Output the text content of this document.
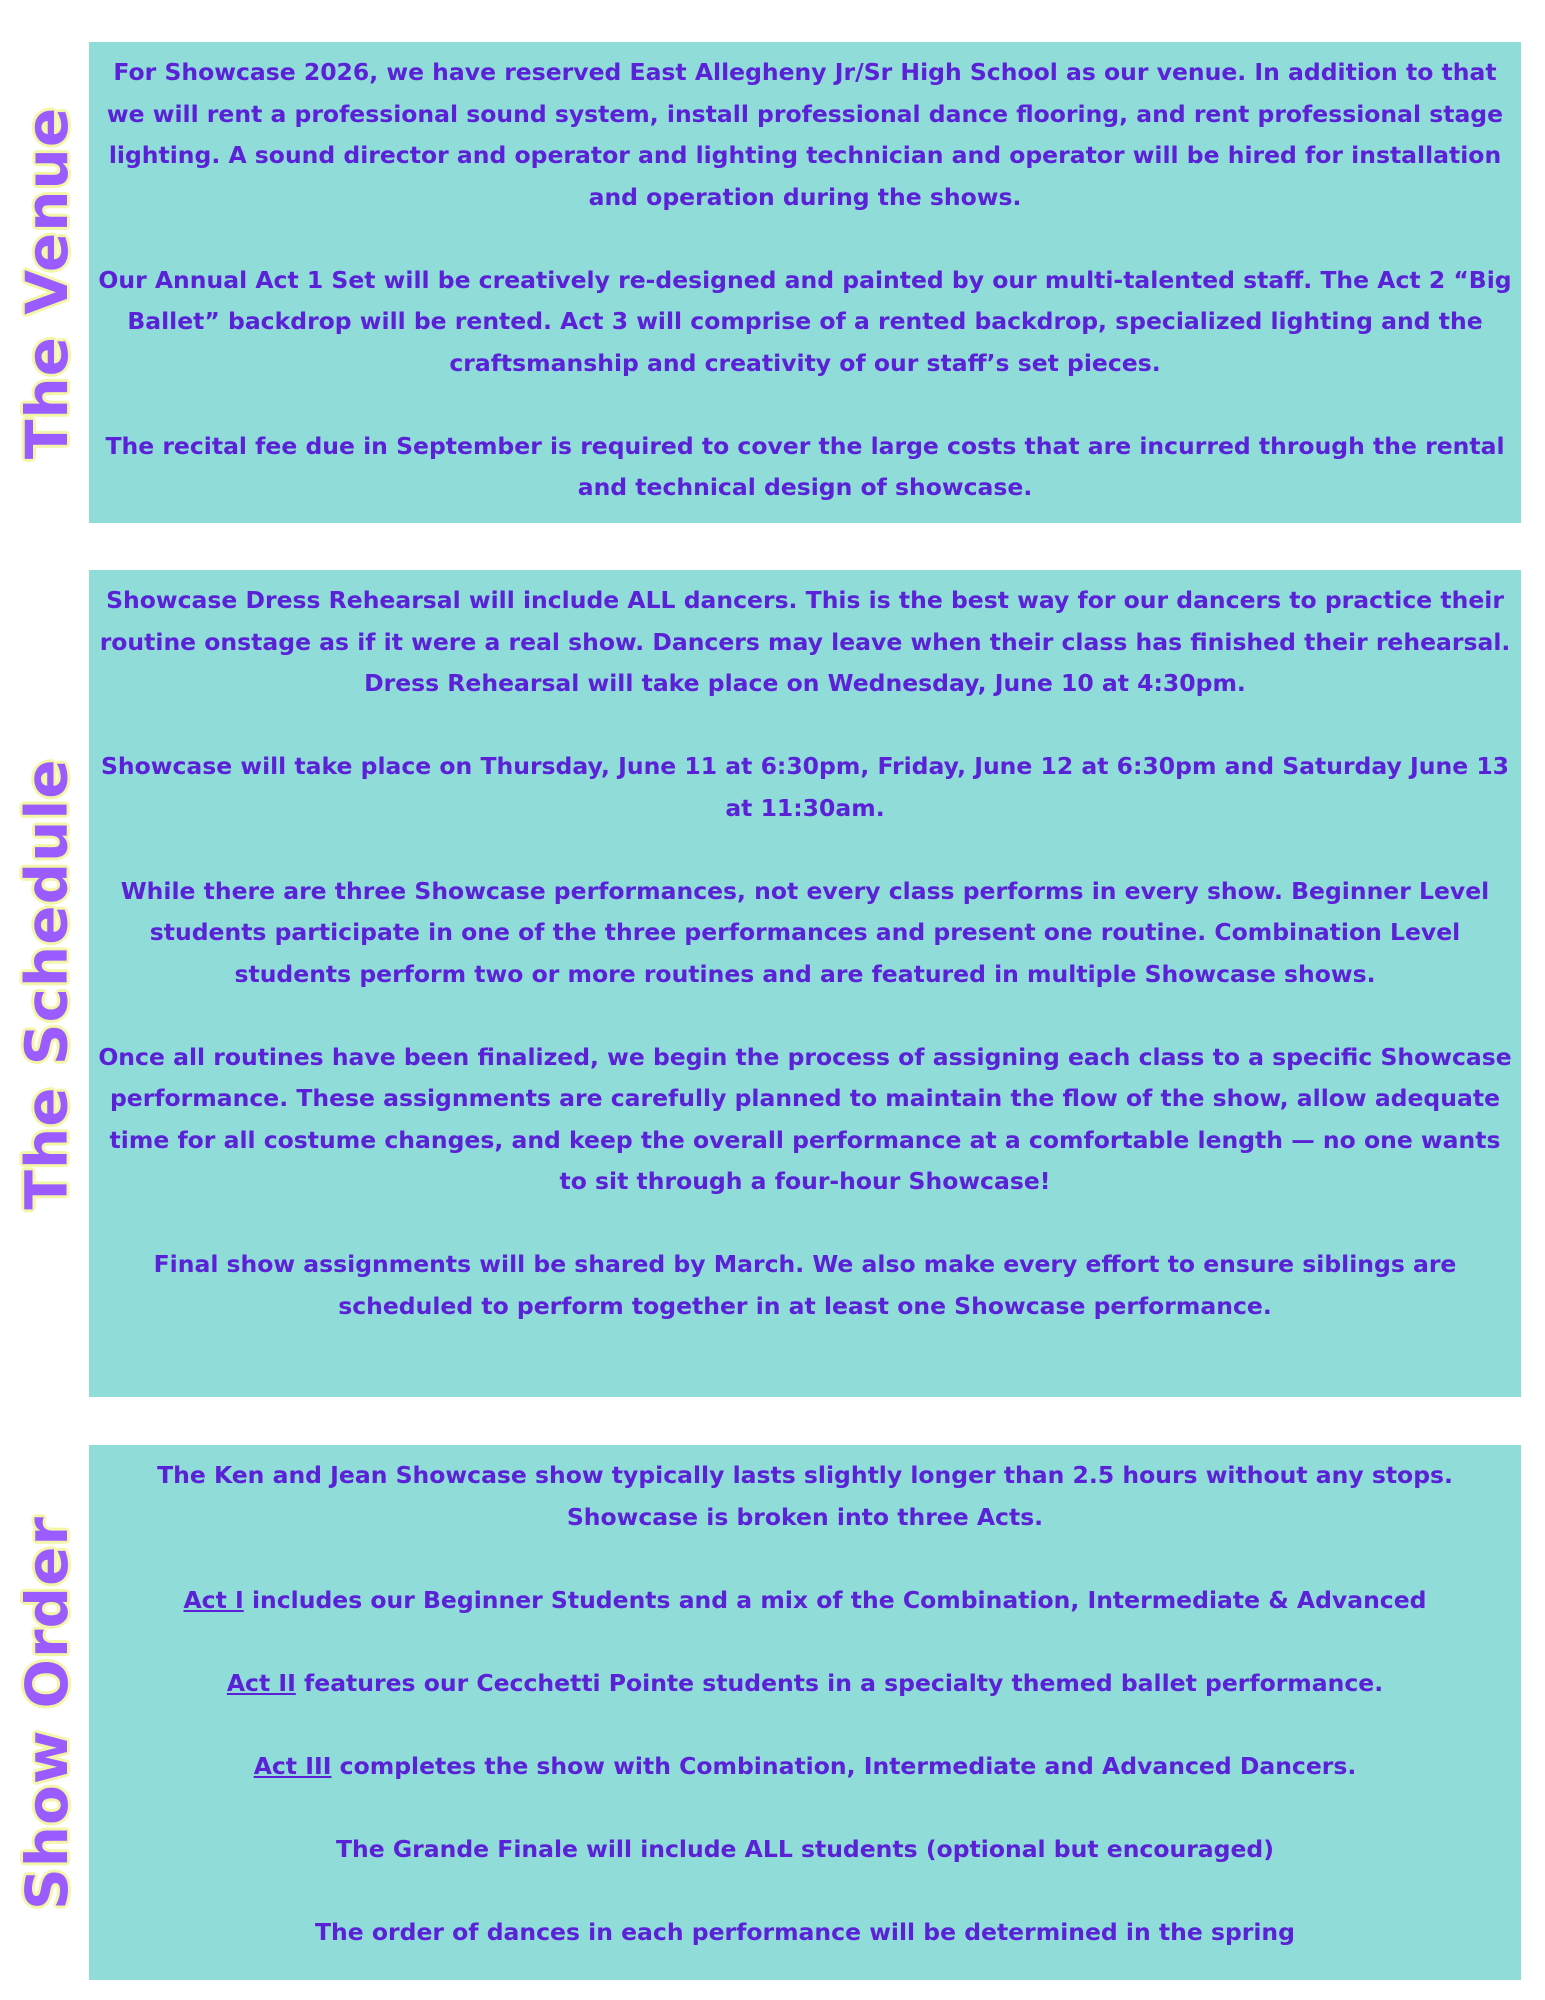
The Venue

For Showcase 2026, we have reserved East Allegheny Jr/Sr High School as our venue. In addition to that we will rent a professional sound system, install professional dance flooring, and rent professional stage lighting. A sound director and operator and lighting technician and operator will be hired for installation and operation during the shows.

Our Annual Act 1 Set will be creatively re-designed and painted by our multi-talented staff. The Act 2 “Big Ballet” backdrop will be rented. Act 3 will comprise of a rented backdrop, specialized lighting and the craftsmanship and creativity of our staff’s set pieces.

The recital fee due in September is required to cover the large costs that are incurred through the rental and technical design of showcase.

The Schedule

Showcase Dress Rehearsal will include ALL dancers. This is the best way for our dancers to practice their routine onstage as if it were a real show. Dancers may leave when their class has finished their rehearsal.

Dress Rehearsal will take place on Wednesday, June 10 at 4:30pm.

Showcase will take place on Thursday, June 11 at 6:30pm, Friday, June 12 at 6:30pm and Saturday June 13 at 11:30am.

While there are three Showcase performances, not every class performs in every show. Beginner Level students participate in one of the three performances and present one routine. Combination Level students perform two or more routines and are featured in multiple Showcase shows.

Once all routines have been finalized, we begin the process of assigning each class to a specific Showcase performance. These assignments are carefully planned to maintain the flow of the show, allow adequate time for all costume changes, and keep the overall performance at a comfortable length — no one wants to sit through a four-hour Showcase!

Final show assignments will be shared by March. We also make every effort to ensure siblings are scheduled to perform together in at least one Showcase performance.

Show Order

The Ken and Jean Showcase show typically lasts slightly longer than 2.5 hours without any stops. Showcase is broken into three Acts.

Act I includes our Beginner Students and a mix of the Combination, Intermediate & Advanced

Act II features our Cecchetti Pointe students in a specialty themed ballet performance.

Act III completes the show with Combination, Intermediate and Advanced Dancers.

The Grande Finale will include ALL students (optional but encouraged)

The order of dances in each performance will be determined in the spring
